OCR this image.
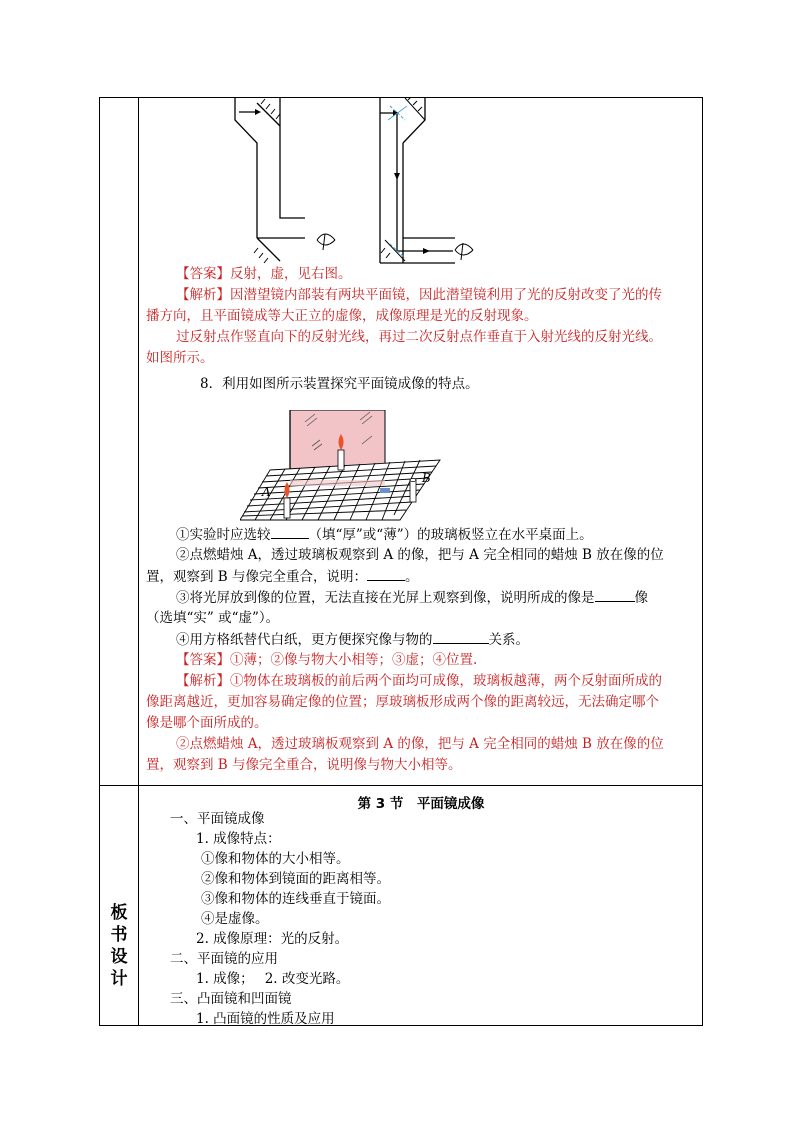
【答案】反射，虚，见右图。
【解析】因潜望镜内部装有两块平面镜，因此潜望镜利用了光的反射改变了光的传
播方向，且平面镜成等大正立的虚像，成像原理是光的反射现象。
过反射点作竖直向下的反射光线，再过二次反射点作垂直于入射光线的反射光线。
如图所示。
8．利用如图所示装置探究平面镜成像的特点。
A
B
①实验时应选较	（填“厚”或“薄”）的玻璃板竖立在水平桌面上。
②点燃蜡烛 A，透过玻璃板观察到 A 的像，把与 A 完全相同的蜡烛 B 放在像的位
置，观察到 B 与像完全重合，说明：	。
③将光屏放到像的位置，无法直接在光屏上观察到像，说明所成的像是	像
（选填“实” 或“虚”）。
④用方格纸替代白纸，更方便探究像与物的	关系。
【答案】①薄；②像与物大小相等；③虚；④位置.
【解析】①物体在玻璃板的前后两个面均可成像，玻璃板越薄，两个反射面所成的
像距离越近，更加容易确定像的位置；厚玻璃板形成两个像的距离较远，无法确定哪个
像是哪个面所成的。
②点燃蜡烛 A，透过玻璃板观察到 A 的像，把与 A 完全相同的蜡烛 B 放在像的位
置，观察到 B 与像完全重合，说明像与物大小相等。
板
书
设
计
第 3 节　平面镜成像
一、平面镜成像
1. 成像特点：
①像和物体的大小相等。
②像和物体到镜面的距离相等。
③像和物体的连线垂直于镜面。
④是虚像。
2. 成像原理：光的反射。
二、平面镜的应用
1. 成像；　 2. 改变光路。
三、凸面镜和凹面镜
1. 凸面镜的性质及应用
